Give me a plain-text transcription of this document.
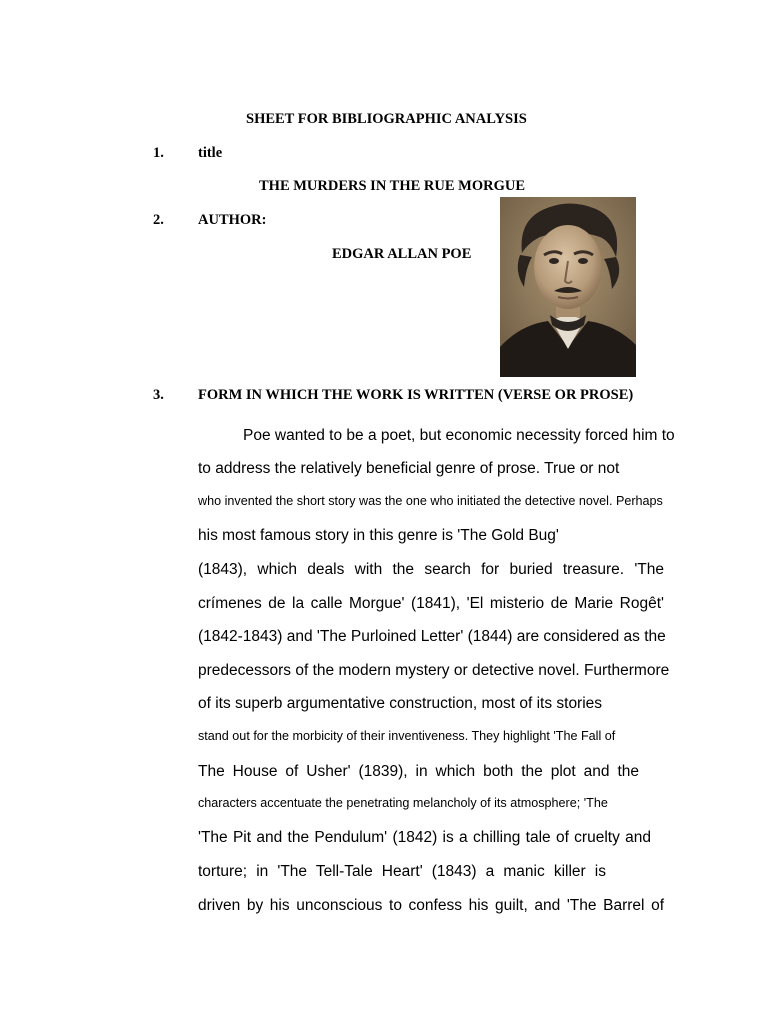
SHEET FOR BIBLIOGRAPHIC ANALYSIS
1. title
THE MURDERS IN THE RUE MORGUE
2. AUTHOR:
EDGAR ALLAN POE
3. FORM IN WHICH THE WORK IS WRITTEN (VERSE OR PROSE)
Poe wanted to be a poet, but economic necessity forced him to
to address the relatively beneficial genre of prose. True or not
who invented the short story was the one who initiated the detective novel. Perhaps
his most famous story in this genre is 'The Gold Bug'
(1843), which deals with the search for buried treasure. 'The
crímenes de la calle Morgue' (1841), 'El misterio de Marie Rogêt'
(1842-1843) and 'The Purloined Letter' (1844) are considered as the
predecessors of the modern mystery or detective novel. Furthermore
of its superb argumentative construction, most of its stories
stand out for the morbicity of their inventiveness. They highlight 'The Fall of
The House of Usher' (1839), in which both the plot and the
characters accentuate the penetrating melancholy of its atmosphere; 'The
'The Pit and the Pendulum' (1842) is a chilling tale of cruelty and
torture; in 'The Tell-Tale Heart' (1843) a manic killer is
driven by his unconscious to confess his guilt, and 'The Barrel of
